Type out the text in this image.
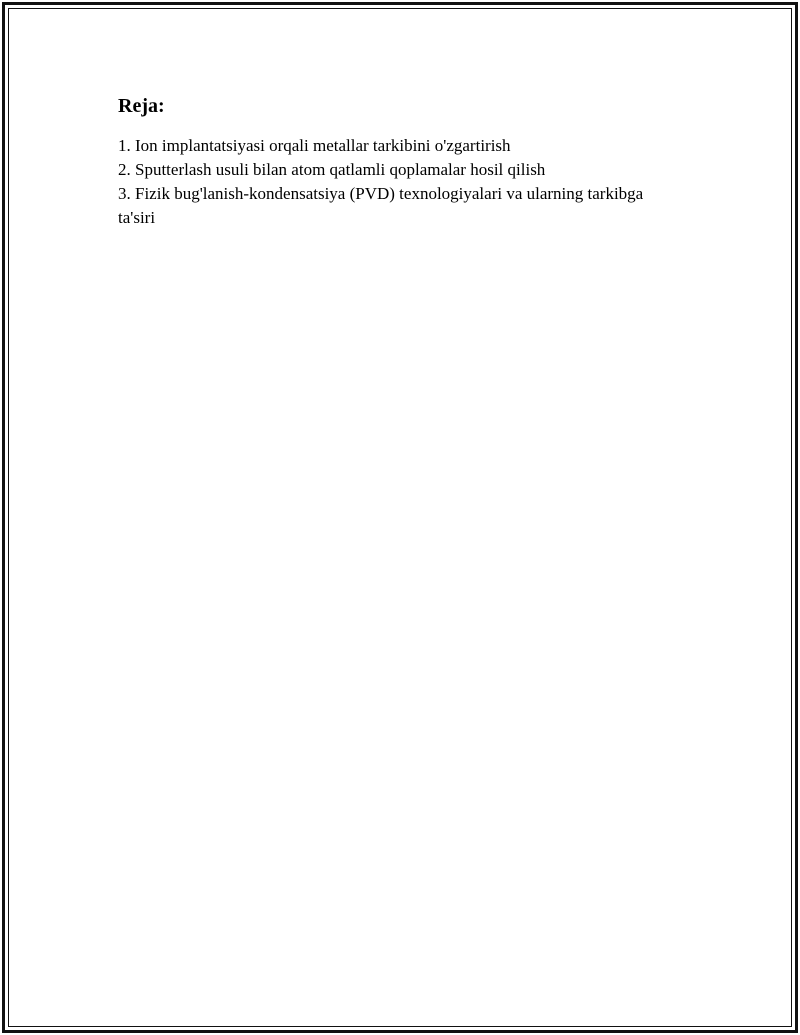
Reja:
1. Ion implantatsiyasi orqali metallar tarkibini o'zgartirish
2. Sputterlash usuli bilan atom qatlamli qoplamalar hosil qilish
3. Fizik bug'lanish-kondensatsiya (PVD) texnologiyalari va ularning tarkibga ta'siri
